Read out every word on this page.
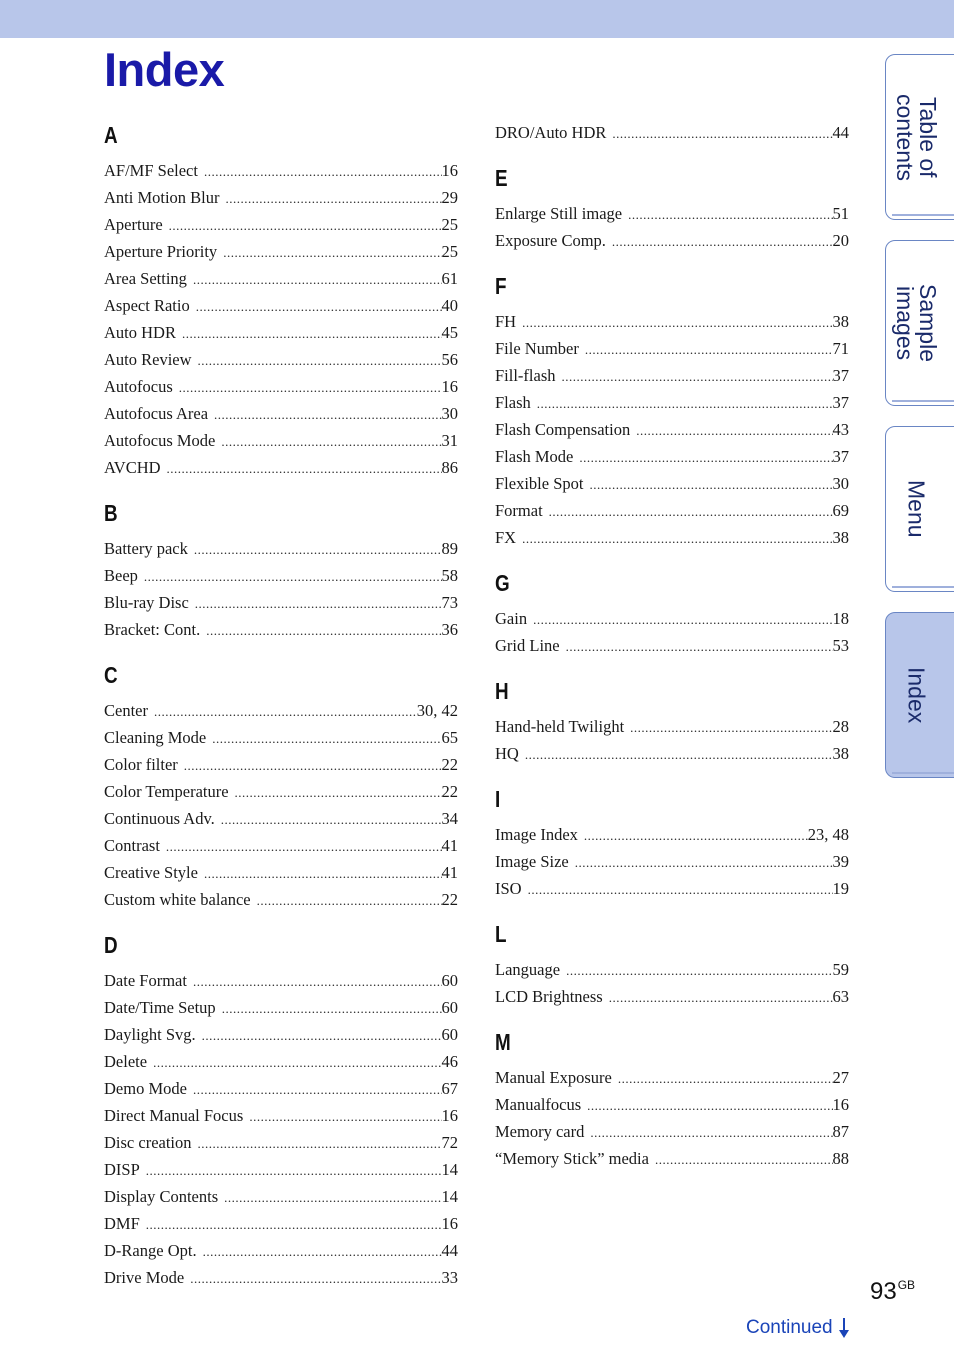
Index
A
AF/MF Select .....	16
Anti Motion Blur .....	29
Aperture .....	25
Aperture Priority .....	25
Area Setting .....	61
Aspect Ratio .....	40
Auto HDR .....	45
Auto Review .....	56
Autofocus .....	16
Autofocus Area .....	30
Autofocus Mode .....	31
AVCHD .....	86
B
Battery pack .....	89
Beep .....	58
Blu-ray Disc .....	73
Bracket: Cont. .....	36
C
Center .....	30, 42
Cleaning Mode .....	65
Color filter .....	22
Color Temperature .....	22
Continuous Adv. .....	34
Contrast .....	41
Creative Style .....	41
Custom white balance .....	22
D
Date Format .....	60
Date/Time Setup .....	60
Daylight Svg. .....	60
Delete .....	46
Demo Mode .....	67
Direct Manual Focus .....	16
Disc creation .....	72
DISP .....	14
Display Contents .....	14
DMF .....	16
D-Range Opt. .....	44
Drive Mode .....	33
DRO/Auto HDR .....	44
E
Enlarge Still image .....	51
Exposure Comp. .....	20
F
FH .....	38
File Number .....	71
Fill-flash .....	37
Flash .....	37
Flash Compensation .....	43
Flash Mode .....	37
Flexible Spot .....	30
Format .....	69
FX .....	38
G
Gain .....	18
Grid Line .....	53
H
Hand-held Twilight .....	28
HQ .....	38
I
Image Index .....	23, 48
Image Size .....	39
ISO .....	19
L
Language .....	59
LCD Brightness .....	63
M
Manual Exposure .....	27
Manualfocus .....	16
Memory card .....	87
“Memory Stick” media .....	88
Table of
contents
Sample
images
Menu
Index
$93^{GB}$
Continued
